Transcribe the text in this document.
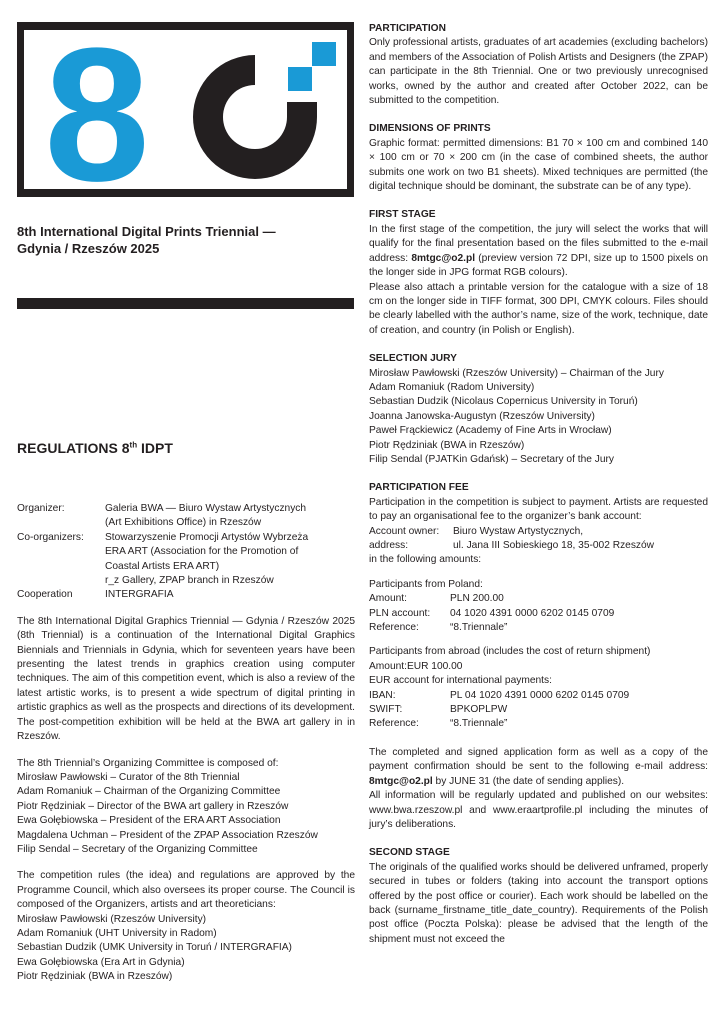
8
8th International Digital Prints Triennial —
Gdynia / Rzeszów 2025
REGULATIONS 8th IDPT
Organizer:	Galeria BWA — Biuro Wystaw Artystycznych
(Art Exhibitions Office) in Rzeszów
Co-organizers:	Stowarzyszenie Promocji Artystów Wybrzeża
ERA ART (Association for the Promotion of
Coastal Artists ERA ART)
r_z Gallery, ZPAP branch in Rzeszów
Cooperation	INTERGRAFIA

The 8th International Digital Graphics Triennial — Gdynia / Rzeszów 2025 (8th Triennial) is a continuation of the International Digital Graphics Biennials and Triennials in Gdynia, which for seventeen years have been presenting the latest trends in graphics creation using computer techniques. The aim of this competition event, which is also a review of the latest artistic works, is to present a wide spectrum of digital printing in artistic graphics as well as the prospects and directions of its development. The post-competition exhibition will be held at the BWA art gallery in in Rzeszów.

The 8th Triennial’s Organizing Committee is composed of:
Mirosław Pawłowski – Curator of the 8th Triennial
Adam Romaniuk – Chairman of the Organizing Committee
Piotr Rędziniak – Director of the BWA art gallery in Rzeszów
Ewa Gołębiowska – President of the ERA ART Association
Magdalena Uchman – President of the ZPAP Association Rzeszów
Filip Sendal – Secretary of the Organizing Committee

The competition rules (the idea) and regulations are approved by the Programme Council, which also oversees its proper course. The Council is composed of the Organizers, artists and art theoreticians:

Mirosław Pawłowski (Rzeszów University)
Adam Romaniuk (UHT University in Radom)
Sebastian Dudzik (UMK University in Toruń / INTERGRAFIA)
Ewa Gołębiowska (Era Art in Gdynia)
Piotr Rędziniak (BWA in Rzeszów)
PARTICIPATION

Only professional artists, graduates of art academies (excluding bachelors) and members of the Association of Polish Artists and Designers (the ZPAP) can participate in the 8th Triennial. One or two previously unrecognised works, owned by the author and created after October 2022, can be submitted to the competition.

DIMENSIONS OF PRINTS

Graphic format: permitted dimensions: B1 70 × 100 cm and combined 140 × 100 cm or 70 × 200 cm (in the case of combined sheets, the author submits one work on two B1 sheets). Mixed techniques are permitted (the digital technique should be dominant, the substrate can be of any type).

FIRST STAGE

In the first stage of the competition, the jury will select the works that will qualify for the final presentation based on the files submitted to the e-mail address: 8mtgc@o2.pl (preview version 72 DPI, size up to 1500 pixels on the longer side in JPG format RGB colours).

Please also attach a printable version for the catalogue with a size of 18 cm on the longer side in TIFF format, 300 DPI, CMYK colours. Files should be clearly labelled with the author’s name, size of the work, technique, date of creation, and country (in Polish or English).

SELECTION JURY
Mirosław Pawłowski (Rzeszów University) – Chairman of the Jury
Adam Romaniuk (Radom University)
Sebastian Dudzik (Nicolaus Copernicus University in Toruń)
Joanna Janowska-Augustyn (Rzeszów University)
Paweł Frąckiewicz (Academy of Fine Arts in Wrocław)
Piotr Rędziniak (BWA in Rzeszów)
Filip Sendal (PJATKin Gdańsk) – Secretary of the Jury
PARTICIPATION FEE

Participation in the competition is subject to payment. Artists are requested to pay an organisational fee to the organizer’s bank account:

Account owner:	Biuro Wystaw Artystycznych,
address:	ul. Jana III Sobieskiego 18, 35-002 Rzeszów
in the following amounts:
Participants from Poland:
Amount:	PLN 200.00
PLN account:	04 1020 4391 0000 6202 0145 0709
Reference:	“8.Triennale”
Participants from abroad (includes the cost of return shipment)
Amount:EUR 100.00
EUR account for international payments:
IBAN:	PL 04 1020 4391 0000 6202 0145 0709
SWIFT:	BPKOPLPW
Reference:	“8.Triennale”

The completed and signed application form as well as a copy of the payment confirmation should be sent to the following e-mail address: 8mtgc@o2.pl by JUNE 31 (the date of sending applies).

All information will be regularly updated and published on our websites: www.bwa.rzeszow.pl and www.eraartprofile.pl including the minutes of jury’s deliberations.

SECOND STAGE

The originals of the qualified works should be delivered unframed, properly secured in tubes or folders (taking into account the transport options offered by the post office or courier). Each work should be labelled on the back (surname_firstname_title_date_country). Requirements of the Polish post office (Poczta Polska): please be advised that the length of the shipment must not exceed the
